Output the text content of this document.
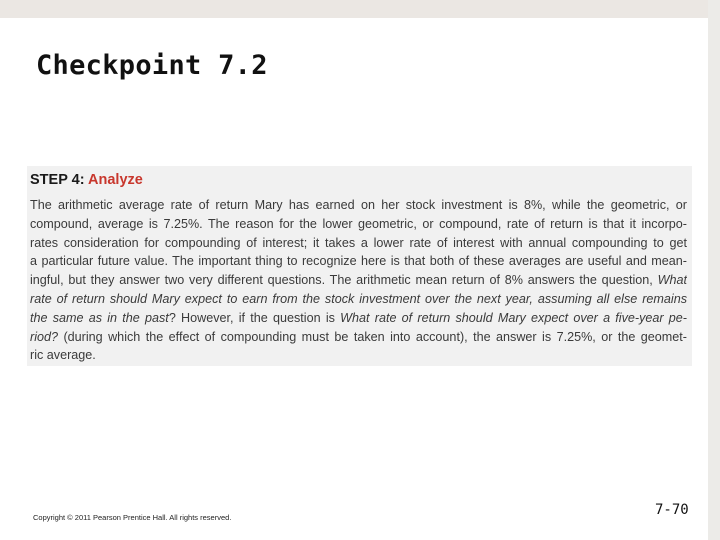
Checkpoint 7.2
STEP 4: Analyze
The arithmetic average rate of return Mary has earned on her stock investment is 8%, while the geometric, or
compound, average is 7.25%. The reason for the lower geometric, or compound, rate of return is that it incorpo-
rates consideration for compounding of interest; it takes a lower rate of interest with annual compounding to get
a particular future value. The important thing to recognize here is that both of these averages are useful and mean-
ingful, but they answer two very different questions. The arithmetic mean return of 8% answers the question, What
rate of return should Mary expect to earn from the stock investment over the next year, assuming all else remains
the same as in the past? However, if the question is What rate of return should Mary expect over a five-year pe-
riod? (during which the effect of compounding must be taken into account), the answer is 7.25%, or the geomet-
ric average.
Copyright © 2011 Pearson Prentice Hall. All rights reserved.	7-70
